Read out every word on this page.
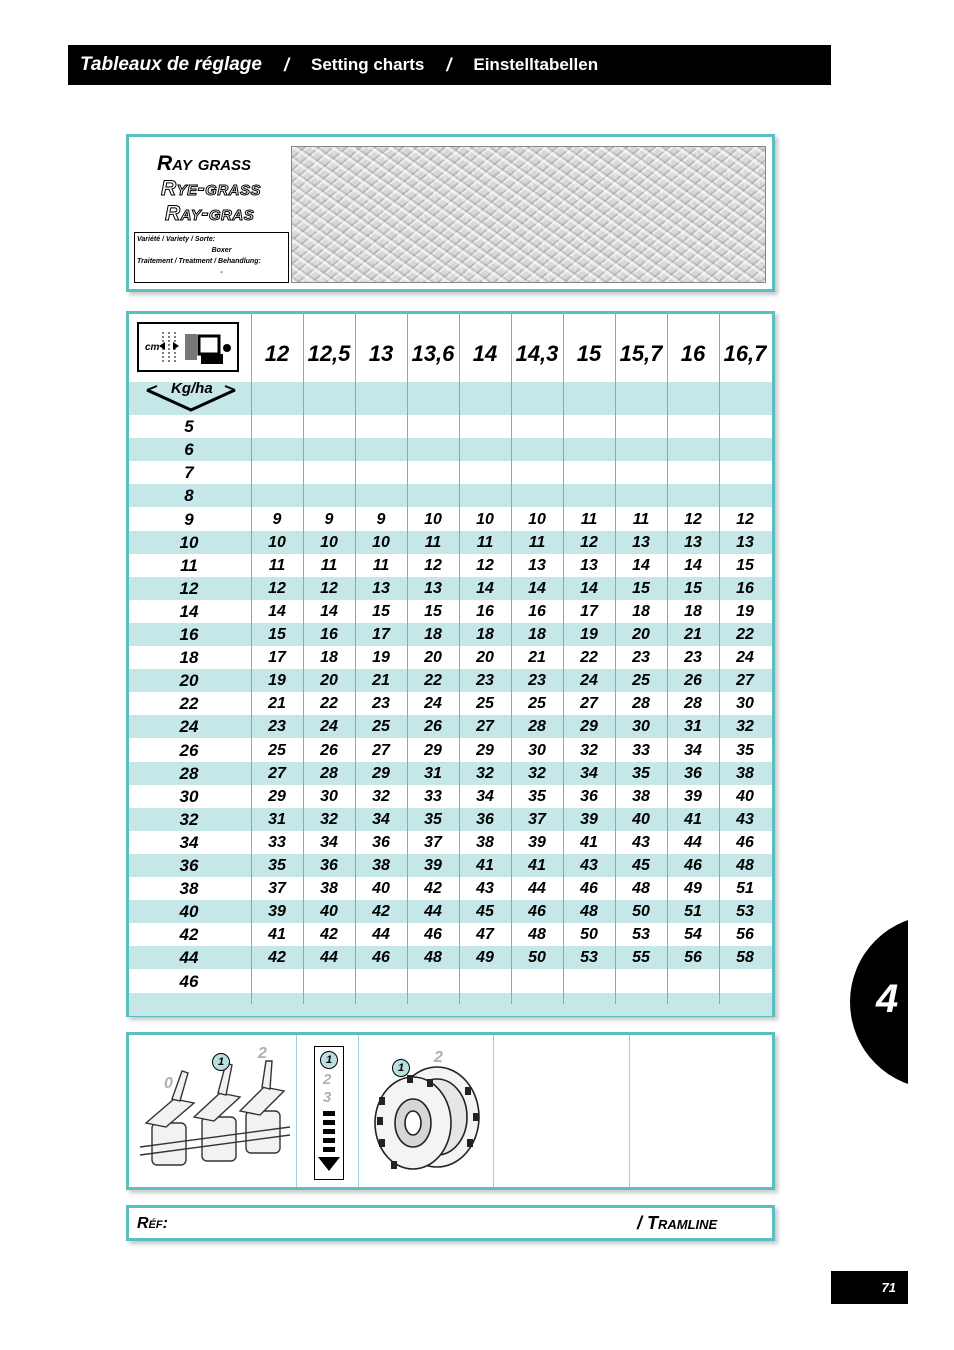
Tableaux de réglage / Setting charts / Einstelltabellen
Ray grass
Rye-grass
Ray-gras
Variété / Variety / Sorte:
Boxer
Traitement / Treatment / Behandlung:
-
46
44	42	44	46	48	49	50	53	55	56	58
42	41	42	44	46	47	48	50	53	54	56
40	39	40	42	44	45	46	48	50	51	53
38	37	38	40	42	43	44	46	48	49	51
36	35	36	38	39	41	41	43	45	46	48
34	33	34	36	37	38	39	41	43	44	46
32	31	32	34	35	36	37	39	40	41	43
30	29	30	32	33	34	35	36	38	39	40
28	27	28	29	31	32	32	34	35	36	38
26	25	26	27	29	29	30	32	33	34	35
24	23	24	25	26	27	28	29	30	31	32
22	21	22	23	24	25	25	27	28	28	30
20	19	20	21	22	23	23	24	25	26	27
18	17	18	19	20	20	21	22	23	23	24
16	15	16	17	18	18	18	19	20	21	22
14	14	14	15	15	16	16	17	18	18	19
12	12	12	13	13	14	14	14	15	15	16
11	11	11	11	12	12	13	13	14	14	15
10	10	10	10	11	11	11	12	13	13	13
9	9	9	9	10	10	10	11	11	12	12
8
7
6
5
cm
Kg/ha
12 12,5 13 13,6 14 14,3 15 15,7 16 16,7
1	2
0
1
2
3
1
2
Réf:	/ Tramline
4
71
